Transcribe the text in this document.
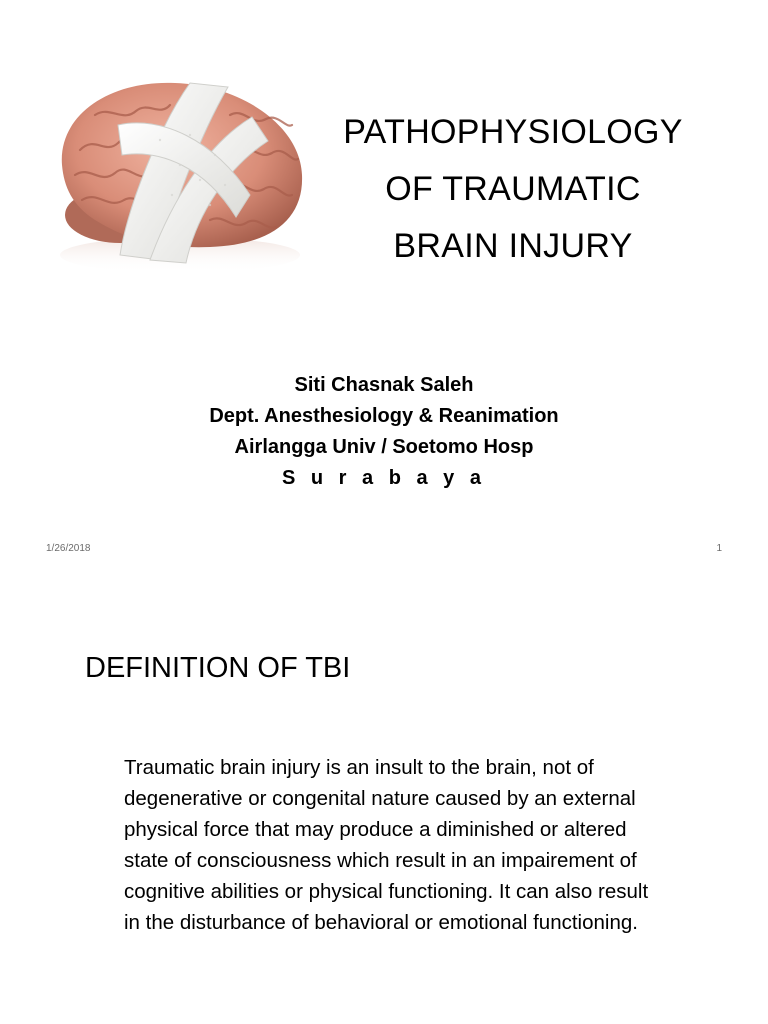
PATHOPHYSIOLOGY
OF TRAUMATIC
BRAIN INJURY
Siti Chasnak Saleh
Dept. Anesthesiology & Reanimation
Airlangga Univ / Soetomo Hosp
S u r a b a y a
1/26/2018	1
DEFINITION OF TBI

Traumatic brain injury is an insult to the brain, not of degenerative or congenital nature caused by an external physical force that may produce a diminished or altered state of consciousness which result in an impairement of cognitive abilities or physical functioning. It can also result in the disturbance of behavioral or emotional functioning.
